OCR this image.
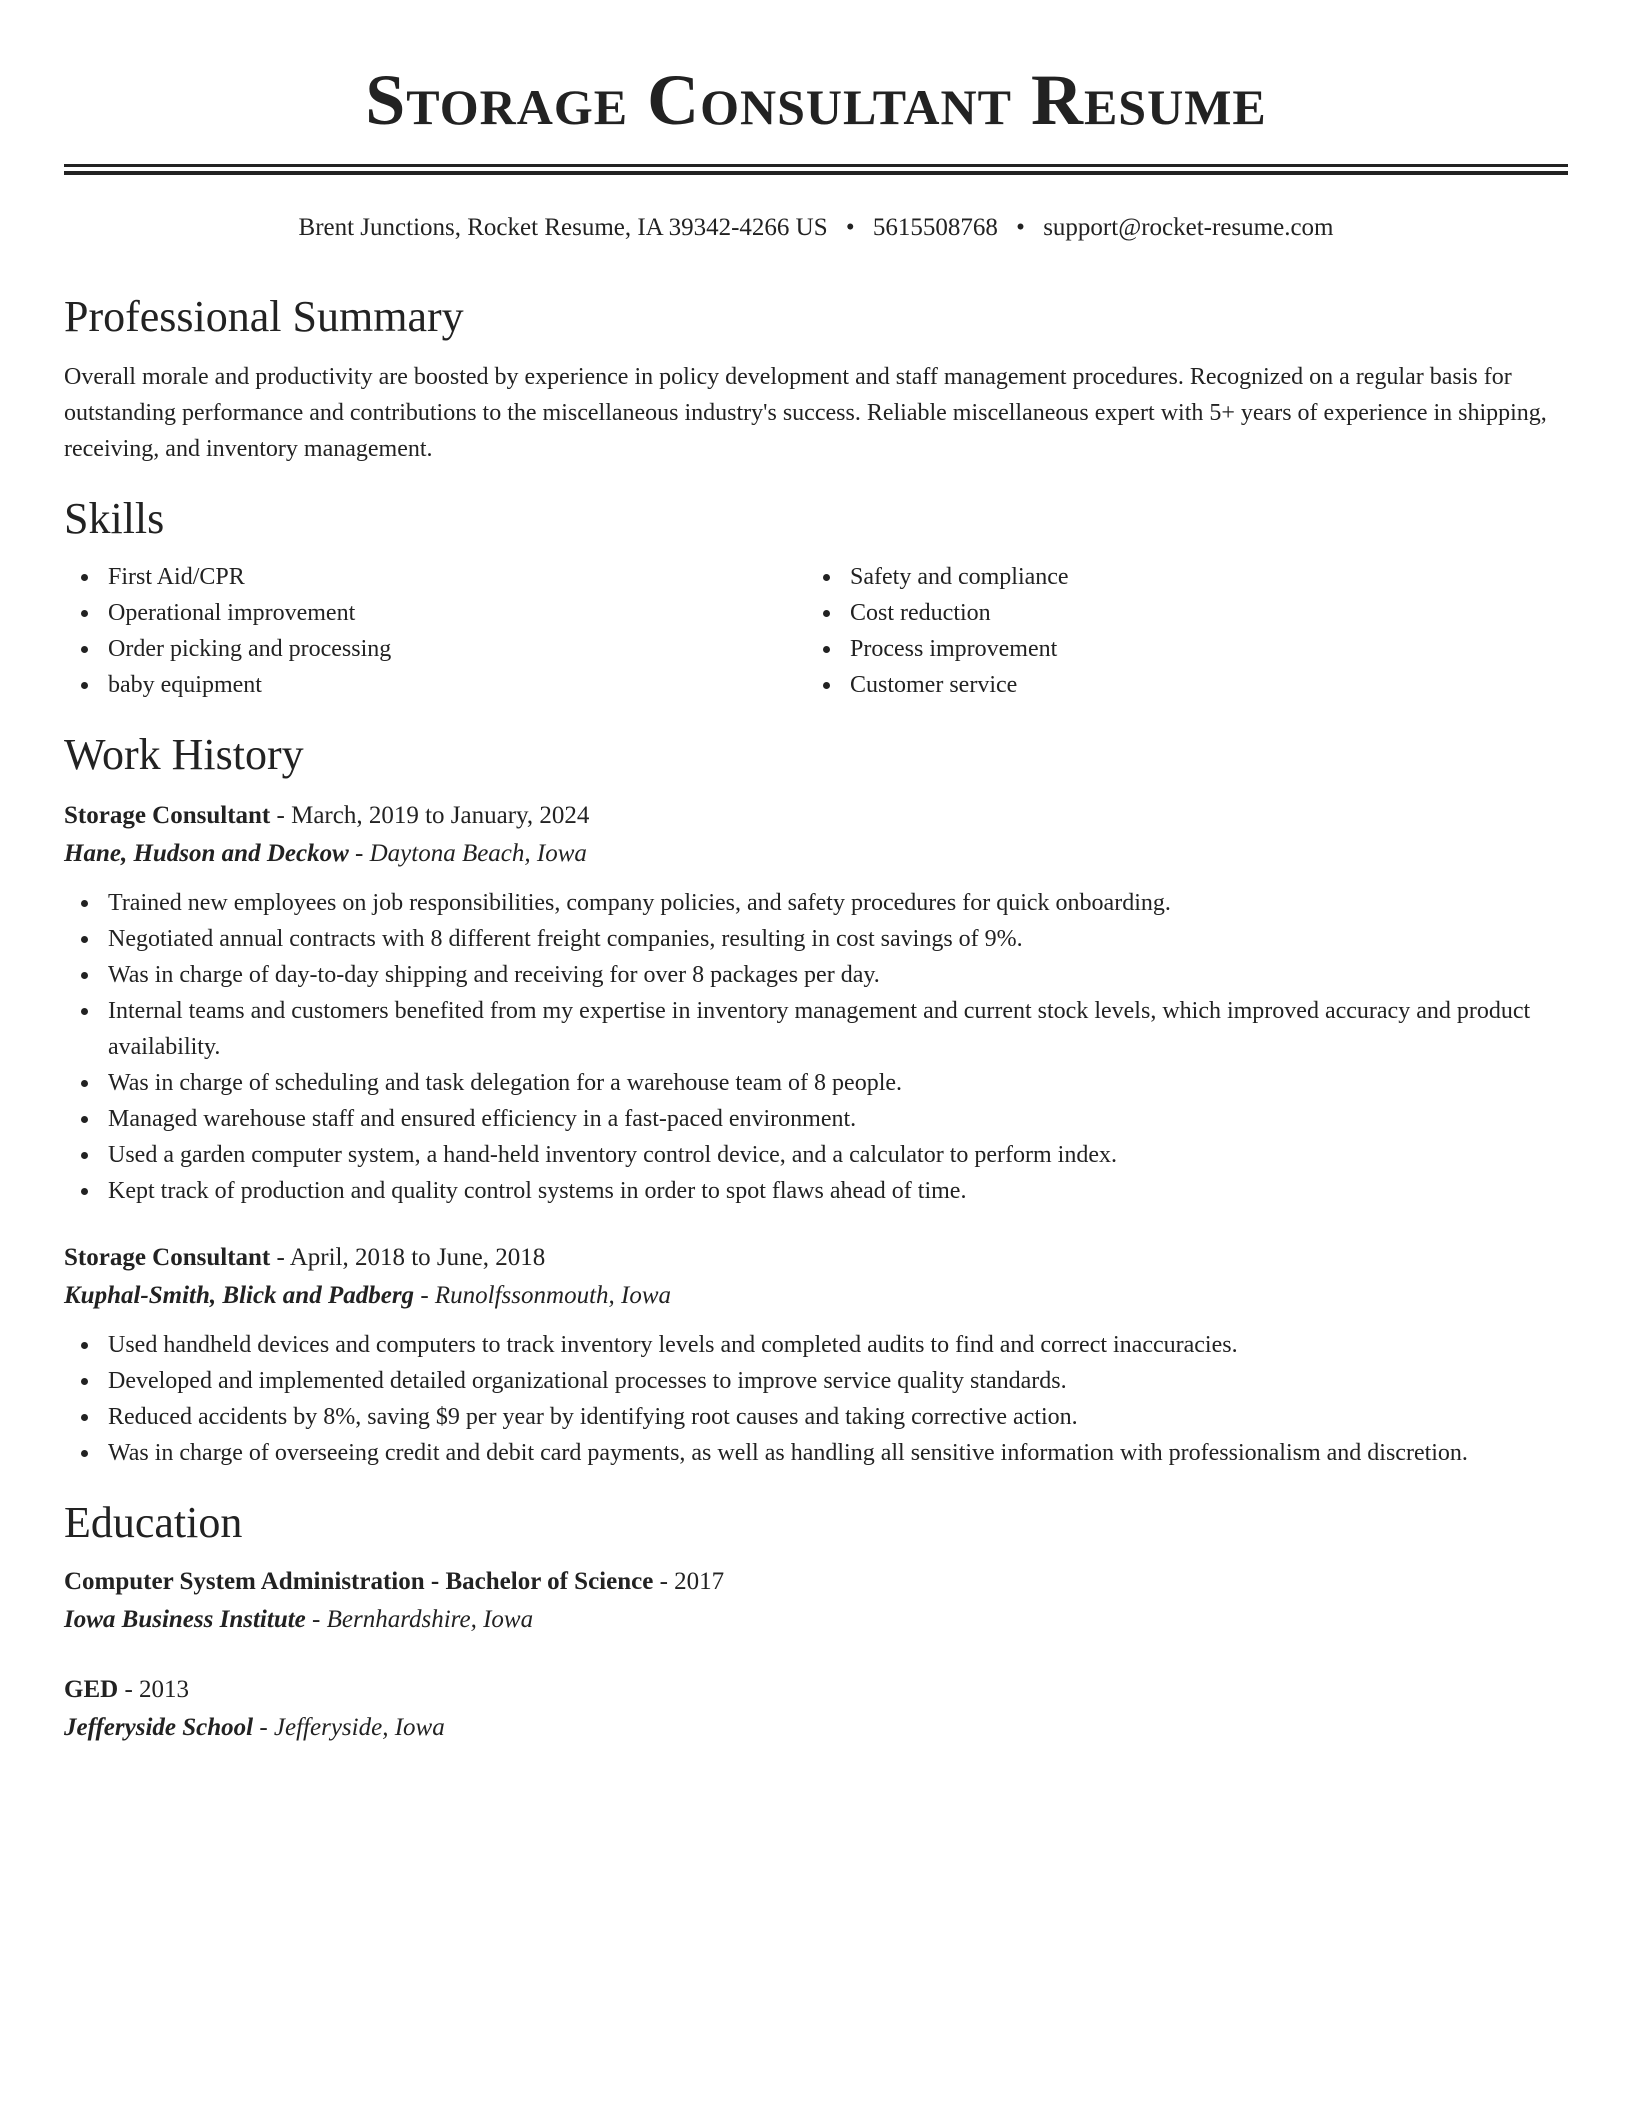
Storage Consultant Resume
Brent Junctions, Rocket Resume, IA 39342-4266 US • 5615508768 • support@rocket-resume.com
Professional Summary

Overall morale and productivity are boosted by experience in policy development and staff management procedures. Recognized on a regular basis for outstanding performance and contributions to the miscellaneous industry's success. Reliable miscellaneous expert with 5+ years of experience in shipping, receiving, and inventory management.

Skills
First Aid/CPR
Operational improvement
Order picking and processing
baby equipment
Safety and compliance
Cost reduction
Process improvement
Customer service
Work History
Storage Consultant - March, 2019 to January, 2024
Hane, Hudson and Deckow - Daytona Beach, Iowa
Trained new employees on job responsibilities, company policies, and safety procedures for quick onboarding.
Negotiated annual contracts with 8 different freight companies, resulting in cost savings of 9%.
Was in charge of day-to-day shipping and receiving for over 8 packages per day.
Internal teams and customers benefited from my expertise in inventory management and current stock levels, which improved accuracy and product availability.
Was in charge of scheduling and task delegation for a warehouse team of 8 people.
Managed warehouse staff and ensured efficiency in a fast-paced environment.
Used a garden computer system, a hand-held inventory control device, and a calculator to perform index.
Kept track of production and quality control systems in order to spot flaws ahead of time.
Storage Consultant - April, 2018 to June, 2018
Kuphal-Smith, Blick and Padberg - Runolfssonmouth, Iowa
Used handheld devices and computers to track inventory levels and completed audits to find and correct inaccuracies.
Developed and implemented detailed organizational processes to improve service quality standards.
Reduced accidents by 8%, saving $9 per year by identifying root causes and taking corrective action.
Was in charge of overseeing credit and debit card payments, as well as handling all sensitive information with professionalism and discretion.
Education
Computer System Administration - Bachelor of Science - 2017
Iowa Business Institute - Bernhardshire, Iowa
GED - 2013
Jefferyside School - Jefferyside, Iowa
